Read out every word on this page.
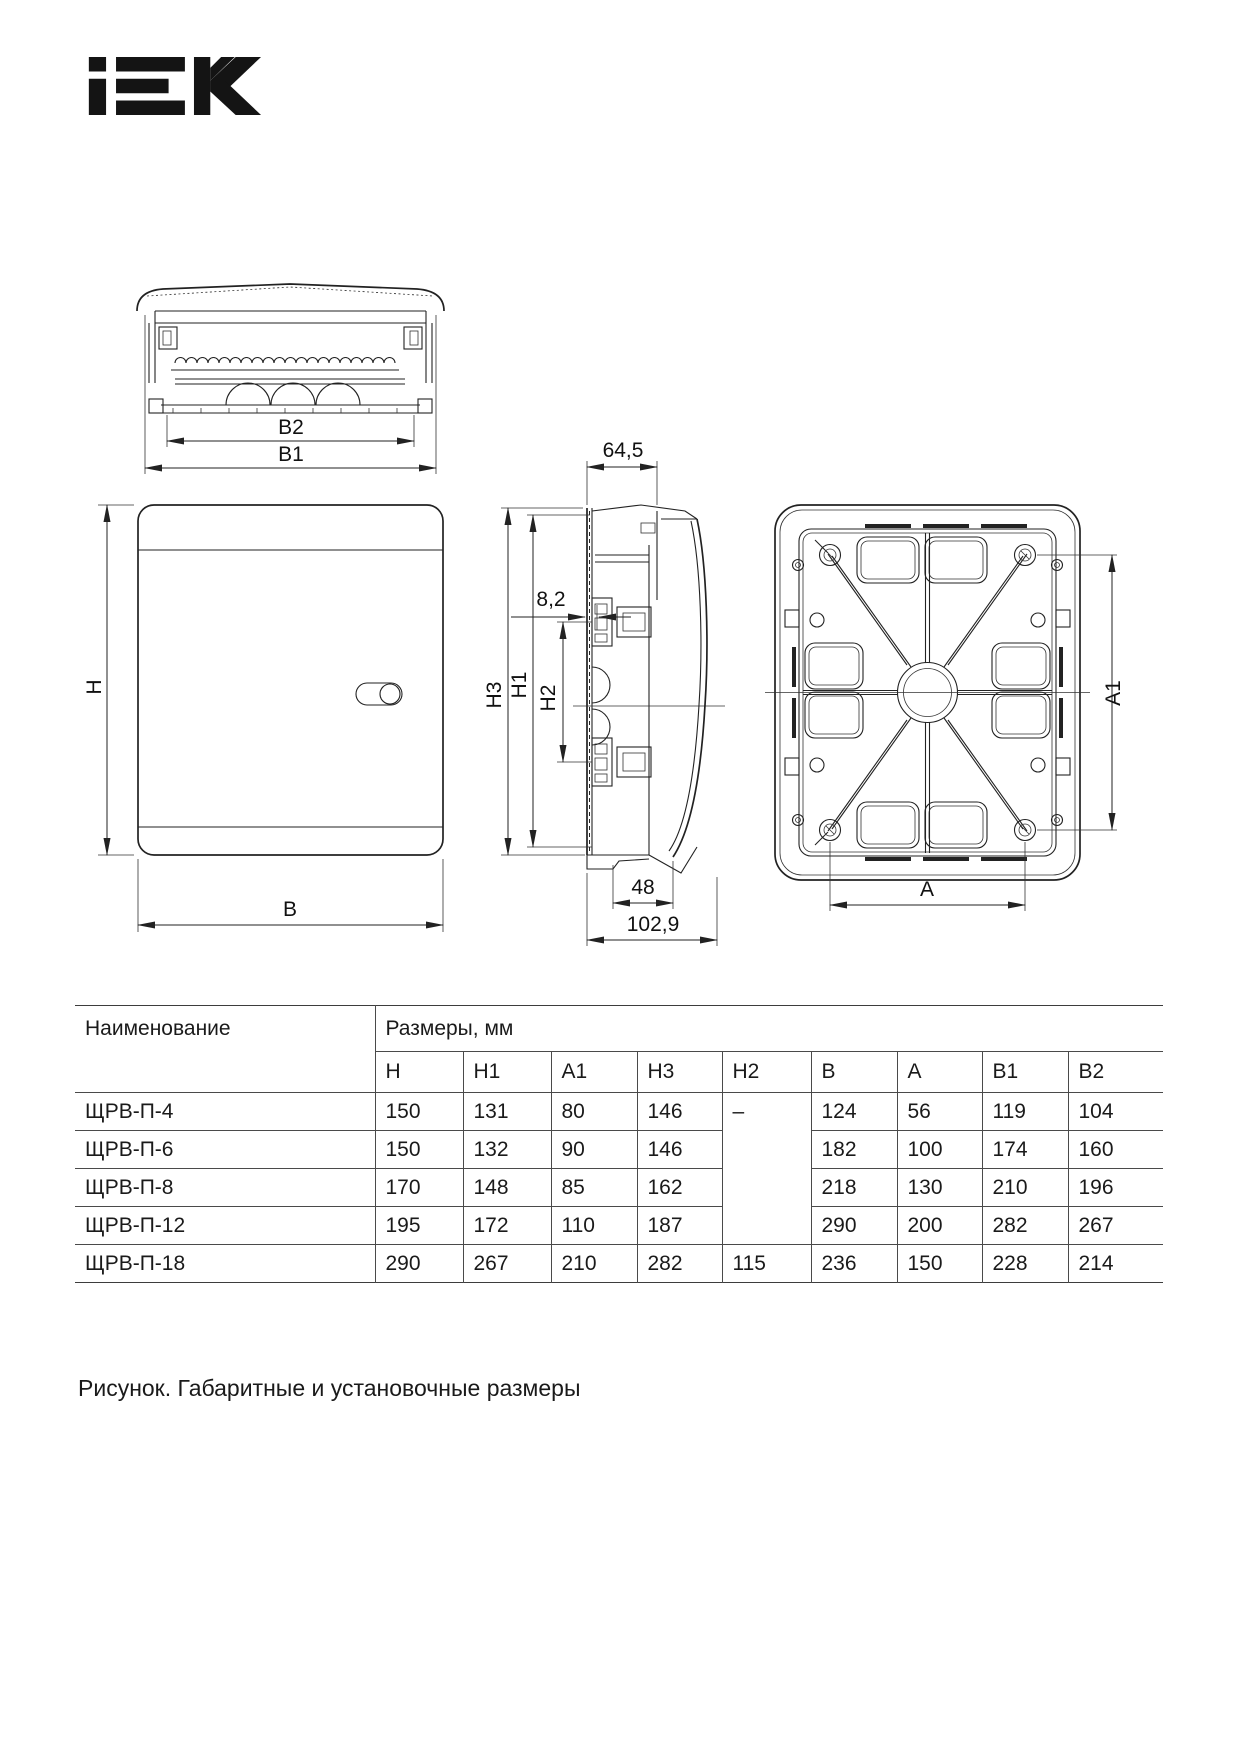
B2
B1
H
B
64,5
8,2
H3 H1 H2
48
102,9
A1
A
Наименование	Размеры, мм								
	H	H1	A1	H3	H2	B	A	B1	B2
ЩРВ-П-4	150	131	80	146	–	124	56	119	104
ЩРВ-П-6	150	132	90	146		182	100	174	160
ЩРВ-П-8	170	148	85	162		218	130	210	196
ЩРВ-П-12	195	172	110	187		290	200	282	267
ЩРВ-П-18	290	267	210	282	115	236	150	228	214
Рисунок. Габаритные и установочные размеры
